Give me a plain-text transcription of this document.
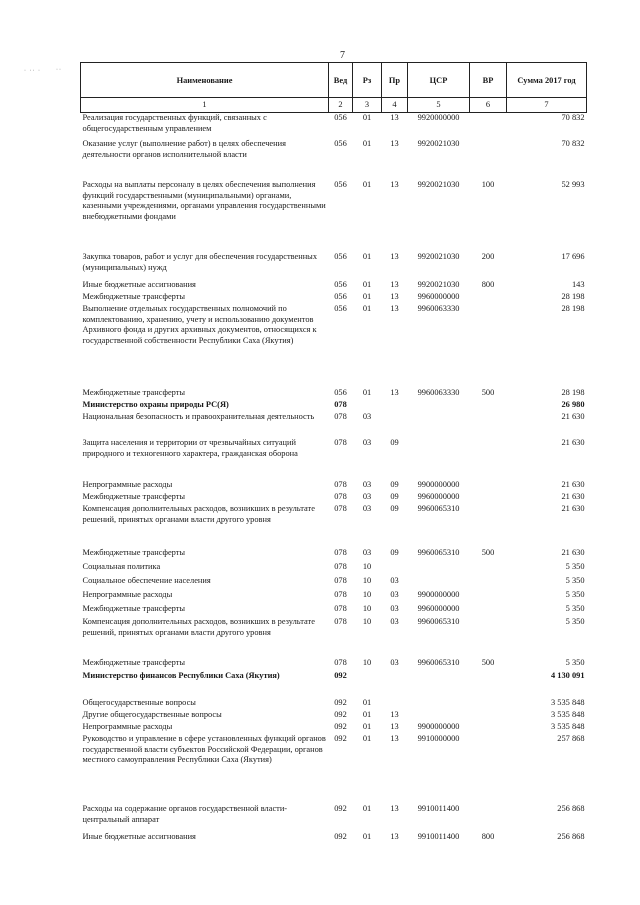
· ·· ·	··
7
Наименование	Вед	Рз	Пр	ЦСР	ВР	Сумма 2017 год
1	2	3	4	5	6	7
Реализация государственных функций, связанных с общегосударственным управлением	056	01	13	9920000000		70 832
Оказание услуг (выполнение работ) в целях обеспечения деятельности органов исполнительной власти	056	01	13	9920021030		70 832
Расходы на выплаты персоналу в целях обеспечения выполнения функций государственными (муниципальными) органами, казенными учреждениями, органами управления государственными внебюджетными фондами	056	01	13	9920021030	100	52 993
Закупка товаров, работ и услуг для обеспечения государственных (муниципальных) нужд	056	01	13	9920021030	200	17 696
Иные бюджетные ассигнования	056	01	13	9920021030	800	143
Межбюджетные трансферты	056	01	13	9960000000		28 198
Выполнение отдельных государственных полномочий по комплектованию, хранению, учету и использованию документов Архивного фонда и других архивных документов, относящихся к государственной собственности Республики Саха (Якутия)	056	01	13	9960063330		28 198
Межбюджетные трансферты	056	01	13	9960063330	500	28 198
Министерство охраны природы РС(Я)	078					26 980
Национальная безопасность и правоохранительная деятельность	078	03				21 630
Защита населения и территории от чрезвычайных ситуаций природного и техногенного характера, гражданская оборона	078	03	09			21 630
Непрограммные расходы	078	03	09	9900000000		21 630
Межбюджетные трансферты	078	03	09	9960000000		21 630
Компенсация дополнительных расходов, возникших в результате решений, принятых органами власти другого уровня	078	03	09	9960065310		21 630
Межбюджетные трансферты	078	03	09	9960065310	500	21 630
Социальная политика	078	10				5 350
Социальное обеспечение населения	078	10	03			5 350
Непрограммные расходы	078	10	03	9900000000		5 350
Межбюджетные трансферты	078	10	03	9960000000		5 350
Компенсация дополнительных расходов, возникших в результате решений, принятых органами власти другого уровня	078	10	03	9960065310		5 350
Межбюджетные трансферты	078	10	03	9960065310	500	5 350
Министерство финансов Республики Саха (Якутия)	092					4 130 091
Общегосударственные вопросы	092	01				3 535 848
Другие общегосударственные вопросы	092	01	13			3 535 848
Непрограммные расходы	092	01	13	9900000000		3 535 848
Руководство и управление в сфере установленных функций органов государственной власти субъектов Российской Федерации, органов местного самоуправления Республики Саха (Якутия)	092	01	13	9910000000		257 868
Расходы на содержание органов государственной власти- центральный аппарат	092	01	13	9910011400		256 868
Иные бюджетные ассигнования	092	01	13	9910011400	800	256 868
